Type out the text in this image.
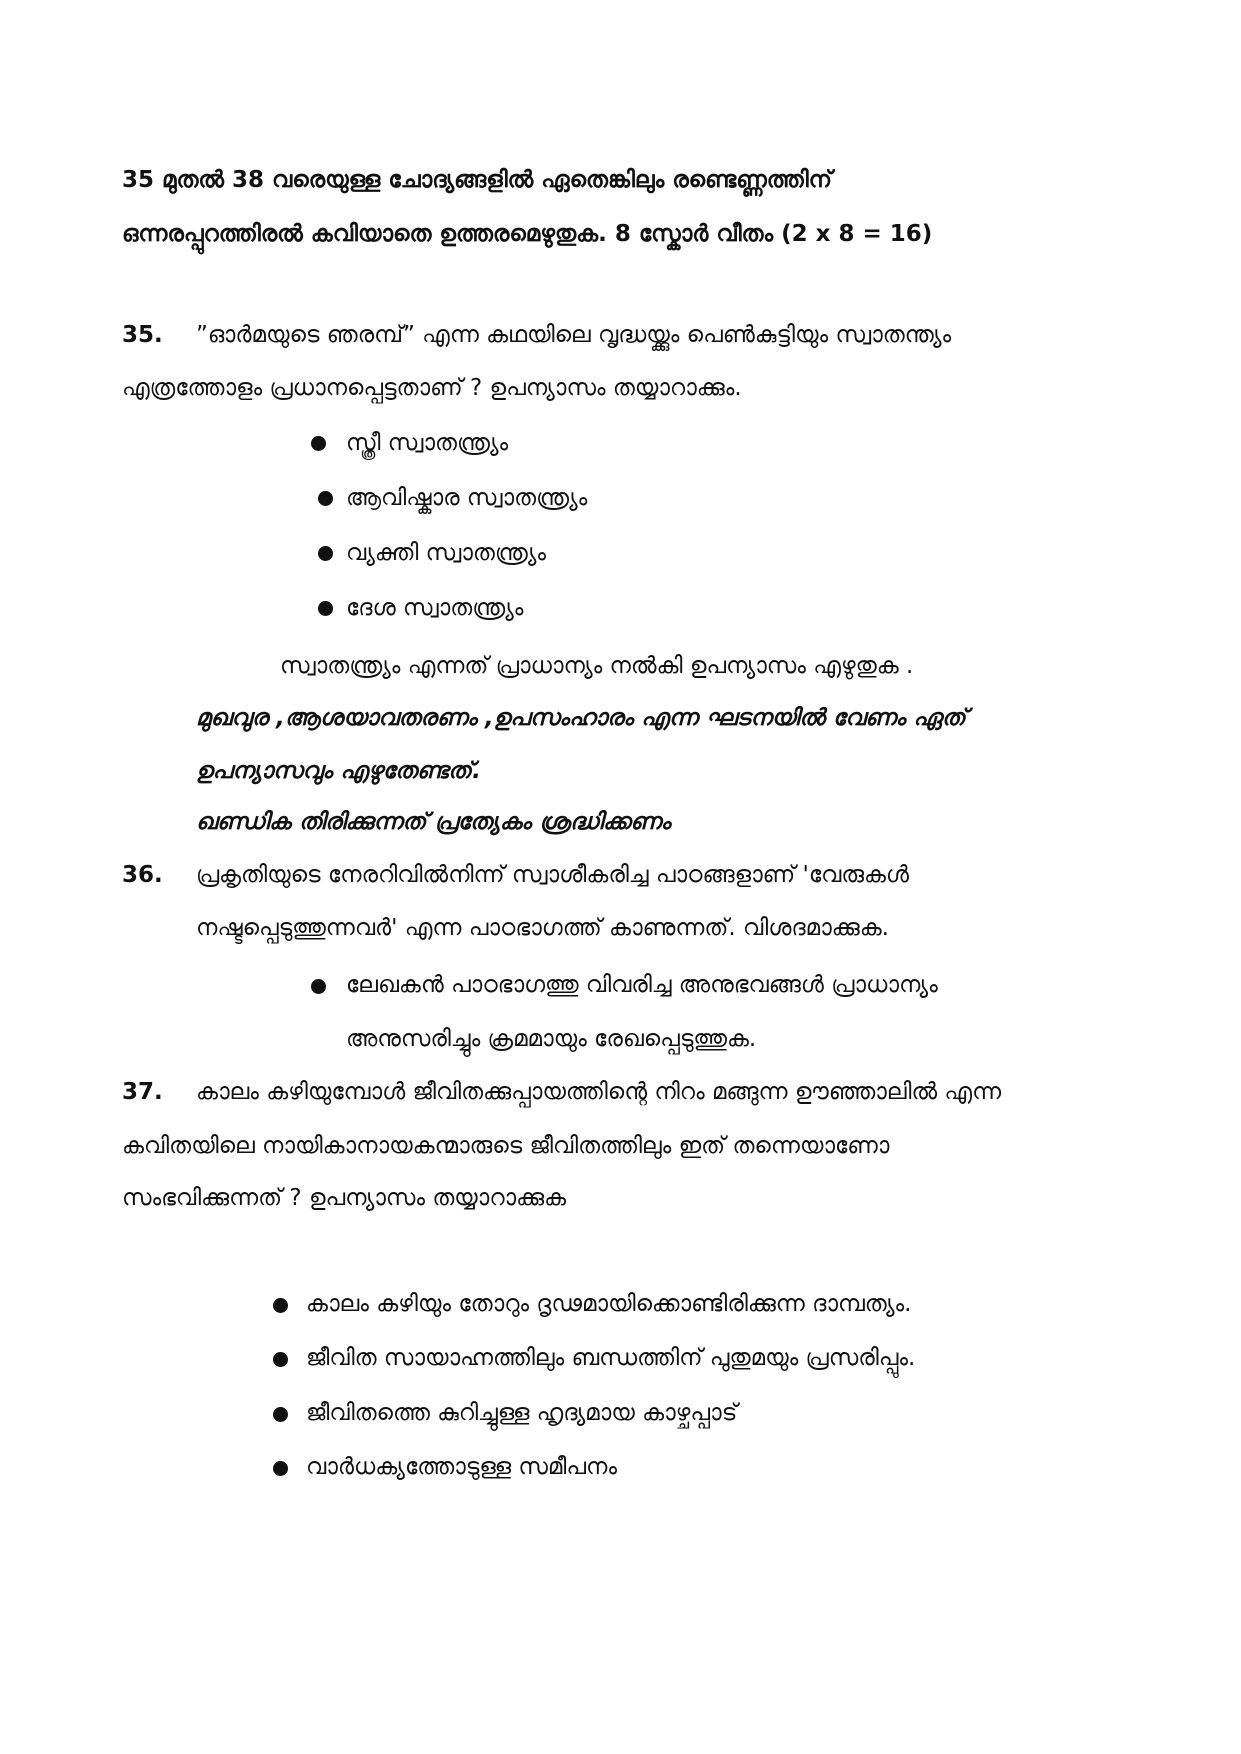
35 മുതൽ 38 വരെയുള്ള ചോദ്യങ്ങളിൽ ഏതെങ്കിലും രണ്ടെണ്ണത്തിന്
ഒന്നരപ്പുറത്തിരൽ കവിയാതെ ഉത്തരമെഴുതുക. 8 സ്കോർ വീതം (2 x 8 = 16)
35. ”ഓർമയുടെ ഞരമ്പ്” എന്ന കഥയിലെ വൃദ്ധയ്ക്കും പെൺകുട്ടിയും സ്വാതന്ത്യം
എത്രത്തോളം പ്രധാനപ്പെട്ടതാണ് ? ഉപന്യാസം തയ്യാറാക്കും.
സ്ത്രീ സ്വാതന്ത്ര്യം
ആവിഷ്കാര സ്വാതന്ത്ര്യം
വ്യക്തി സ്വാതന്ത്ര്യം
ദേശ സ്വാതന്ത്ര്യം
സ്വാതന്ത്ര്യം എന്നത് പ്രാധാന്യം നൽകി ഉപന്യാസം എഴുതുക .
മുഖവുര ,ആശയാവതരണം ,ഉപസംഹാരം എന്ന ഘടനയിൽ വേണം ഏത്
ഉപന്യാസവും എഴുതേണ്ടത്.
ഖണ്ഡിക തിരിക്കുന്നത് പ്രത്യേകം ശ്രദ്ധിക്കണം
36. പ്രകൃതിയുടെ നേരറിവിൽനിന്ന് സ്വാശീകരിച്ച പാഠങ്ങളാണ് 'വേരുകൾ
നഷ്ടപ്പെടുത്തുന്നവർ' എന്ന പാഠഭാഗത്ത് കാണുന്നത്. വിശദമാക്കുക.
ലേഖകൻ പാഠഭാഗത്തു വിവരിച്ച അനുഭവങ്ങൾ പ്രാധാന്യം
അനുസരിച്ചും ക്രമമായും രേഖപ്പെടുത്തുക.
37. കാലം കഴിയുമ്പോൾ ജീവിതക്കുപ്പായത്തിന്റെ നിറം മങ്ങുന്ന ഊഞ്ഞാലിൽ എന്ന
കവിതയിലെ നായികാനായകന്മാരുടെ ജീവിതത്തിലും ഇത് തന്നെയാണോ
സംഭവിക്കുന്നത് ? ഉപന്യാസം തയ്യാറാക്കുക
കാലം കഴിയും തോറും ദൃഢമായിക്കൊണ്ടിരിക്കുന്ന ദാമ്പത്യം.
ജീവിത സായാഹ്നത്തിലും ബന്ധത്തിന് പുതുമയും പ്രസരിപ്പും.
ജീവിതത്തെ കുറിച്ചുള്ള ഹൃദ്യമായ കാഴ്ചപ്പാട്
വാർധക്യത്തോടുള്ള സമീപനം
